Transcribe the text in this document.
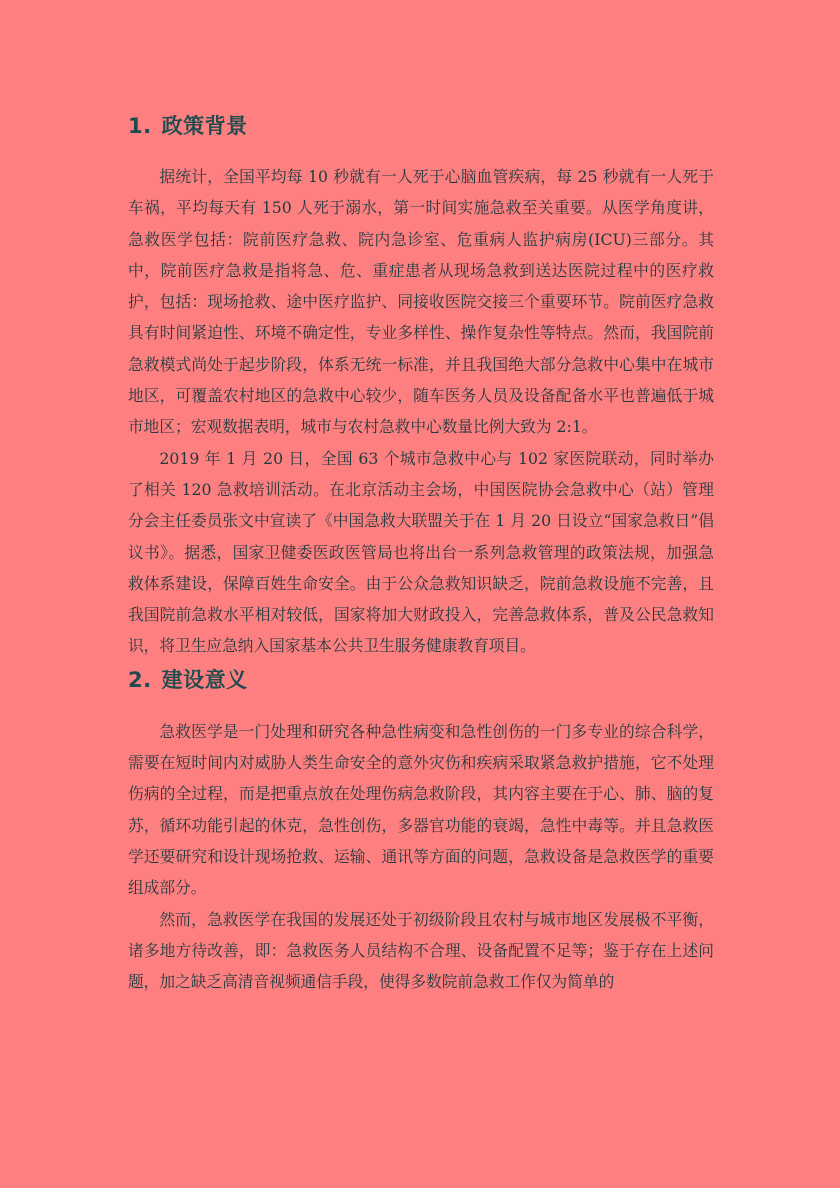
1. 政策背景

据统计，全国平均每 10 秒就有一人死于心脑血管疾病，每 25 秒就有一人死于车祸，平均每天有 150 人死于溺水，第一时间实施急救至关重要。从医学角度讲，急救医学包括：院前医疗急救、院内急诊室、危重病人监护病房(ICU)三部分。其中，院前医疗急救是指将急、危、重症患者从现场急救到送达医院过程中的医疗救护，包括：现场抢救、途中医疗监护、同接收医院交接三个重要环节。院前医疗急救具有时间紧迫性、环境不确定性，专业多样性、操作复杂性等特点。然而，我国院前急救模式尚处于起步阶段，体系无统一标准，并且我国绝大部分急救中心集中在城市地区，可覆盖农村地区的急救中心较少，随车医务人员及设备配备水平也普遍低于城市地区；宏观数据表明，城市与农村急救中心数量比例大致为 2:1。

2019 年 1 月 20 日，全国 63 个城市急救中心与 102 家医院联动，同时举办了相关 120 急救培训活动。在北京活动主会场，中国医院协会急救中心（站）管理分会主任委员张文中宣读了《中国急救大联盟关于在 1 月 20 日设立“国家急救日”倡议书》。据悉，国家卫健委医政医管局也将出台一系列急救管理的政策法规，加强急救体系建设，保障百姓生命安全。由于公众急救知识缺乏，院前急救设施不完善，且我国院前急救水平相对较低，国家将加大财政投入，完善急救体系，普及公民急救知识，将卫生应急纳入国家基本公共卫生服务健康教育项目。

2. 建设意义

急救医学是一门处理和研究各种急性病变和急性创伤的一门多专业的综合科学，需要在短时间内对威胁人类生命安全的意外灾伤和疾病采取紧急救护措施，它不处理伤病的全过程，而是把重点放在处理伤病急救阶段，其内容主要在于心、肺、脑的复苏，循环功能引起的休克，急性创伤，多器官功能的衰竭，急性中毒等。并且急救医学还要研究和设计现场抢救、运输、通讯等方面的问题，急救设备是急救医学的重要组成部分。

然而，急救医学在我国的发展还处于初级阶段且农村与城市地区发展极不平衡，诸多地方待改善，即：急救医务人员结构不合理、设备配置不足等；鉴于存在上述问题，加之缺乏高清音视频通信手段，使得多数院前急救工作仅为简单的
